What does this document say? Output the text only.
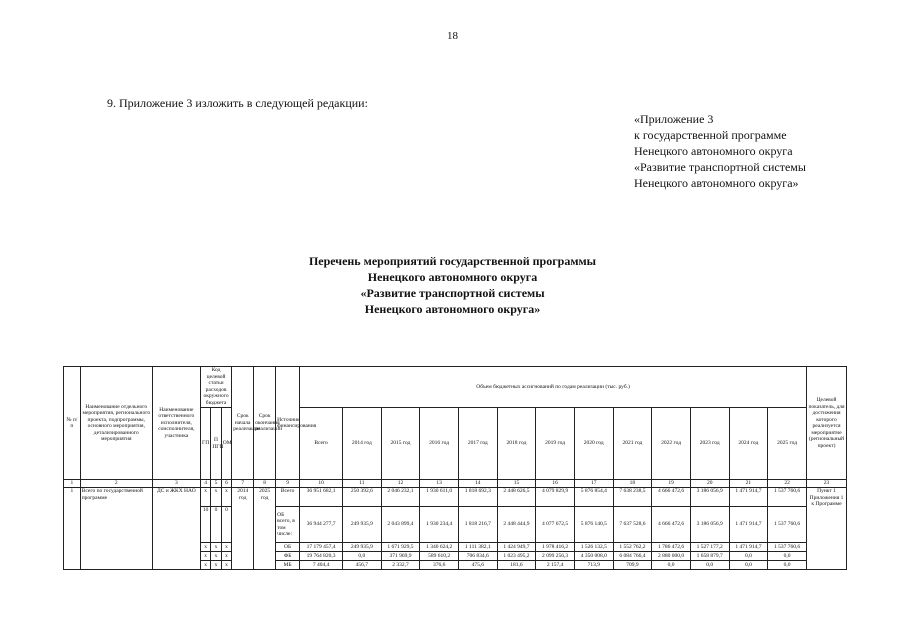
18
9. Приложение 3 изложить в следующей редакции:
«Приложение 3
к государственной программе
Ненецкого автономного округа
«Развитие транспортной системы
Ненецкого автономного округа»
Перечень мероприятий государственной программы
Ненецкого автономного округа
«Развитие транспортной системы
Ненецкого автономного округа»
№ п/п	Наименование отдельного мероприятия, регионального проекта, подпрограммы, основного мероприятия, детализированного мероприятия	Наименование ответственного исполнителя, соисполнителя, участника	Код целевой статьи расходов окружного бюджета			Срок начала реализации	Срок окончания реализации	Источник финансирования	Объем бюджетных ассигнований по годам реализации (тыс. руб.)													Целевой показатель, для достижения которого реализуется мероприятие (региональный проект)
			ГП	П ПГП	ОМ				Всего	2014 год	2015 год	2016 год	2017 год	2018 год	2019 год	2020 год	2021 год	2022 год	2023 год	2024 год	2025 год	
1	2	3	4	5	6	7	8	9	10	11	12	13	14	15	16	17	18	19	20	21	22	23
1	Всего по государственной программе	ДС и ЖКХ НАО	x	x	x	2014 год	2025 год	Всего	36 951 682,1	250 392,6	2 046 232,1	1 930 611,0	1 818 692,3	2 448 626,5	4 079 829,9	5 876 854,4	7 638 238,5	4 666 472,6	3 186 056,9	1 471 914,7	1 537 760,6	Пункт 1 Приложения 1 к Программе
			10	0	0			ОБ всего, в том числе:	36 944 277,7	249 935,9	2 043 899,4	1 930 234,4	1 818 216,7	2 448 444,9	4 077 672,5	5 876 140,5	7 637 528,6	4 666 472,6	3 186 056,9	1 471 914,7	1 537 760,6	
			x	x	x			ОБ	17 179 457,4	249 935,9	1 671 929,5	1 340 624,2	1 111 382,1	1 424 949,7	1 978 416,2	1 526 132,5	1 552 762,2	1 786 472,6	1 527 177,2	1 471 914,7	1 537 760,6	
			x	x	x			ФБ	19 764 820,3	0,0	371 969,9	589 610,2	706 834,6	1 023 495,2	2 099 256,3	4 350 008,0	6 084 766,4	2 880 000,0	1 658 879,7	0,0	0,0	
			x	x	x			МБ	7 404,4	456,7	2 332,7	376,6	475,6	181,6	2 157,4	713,9	709,9	0,0	0,0	0,0	0,0	
